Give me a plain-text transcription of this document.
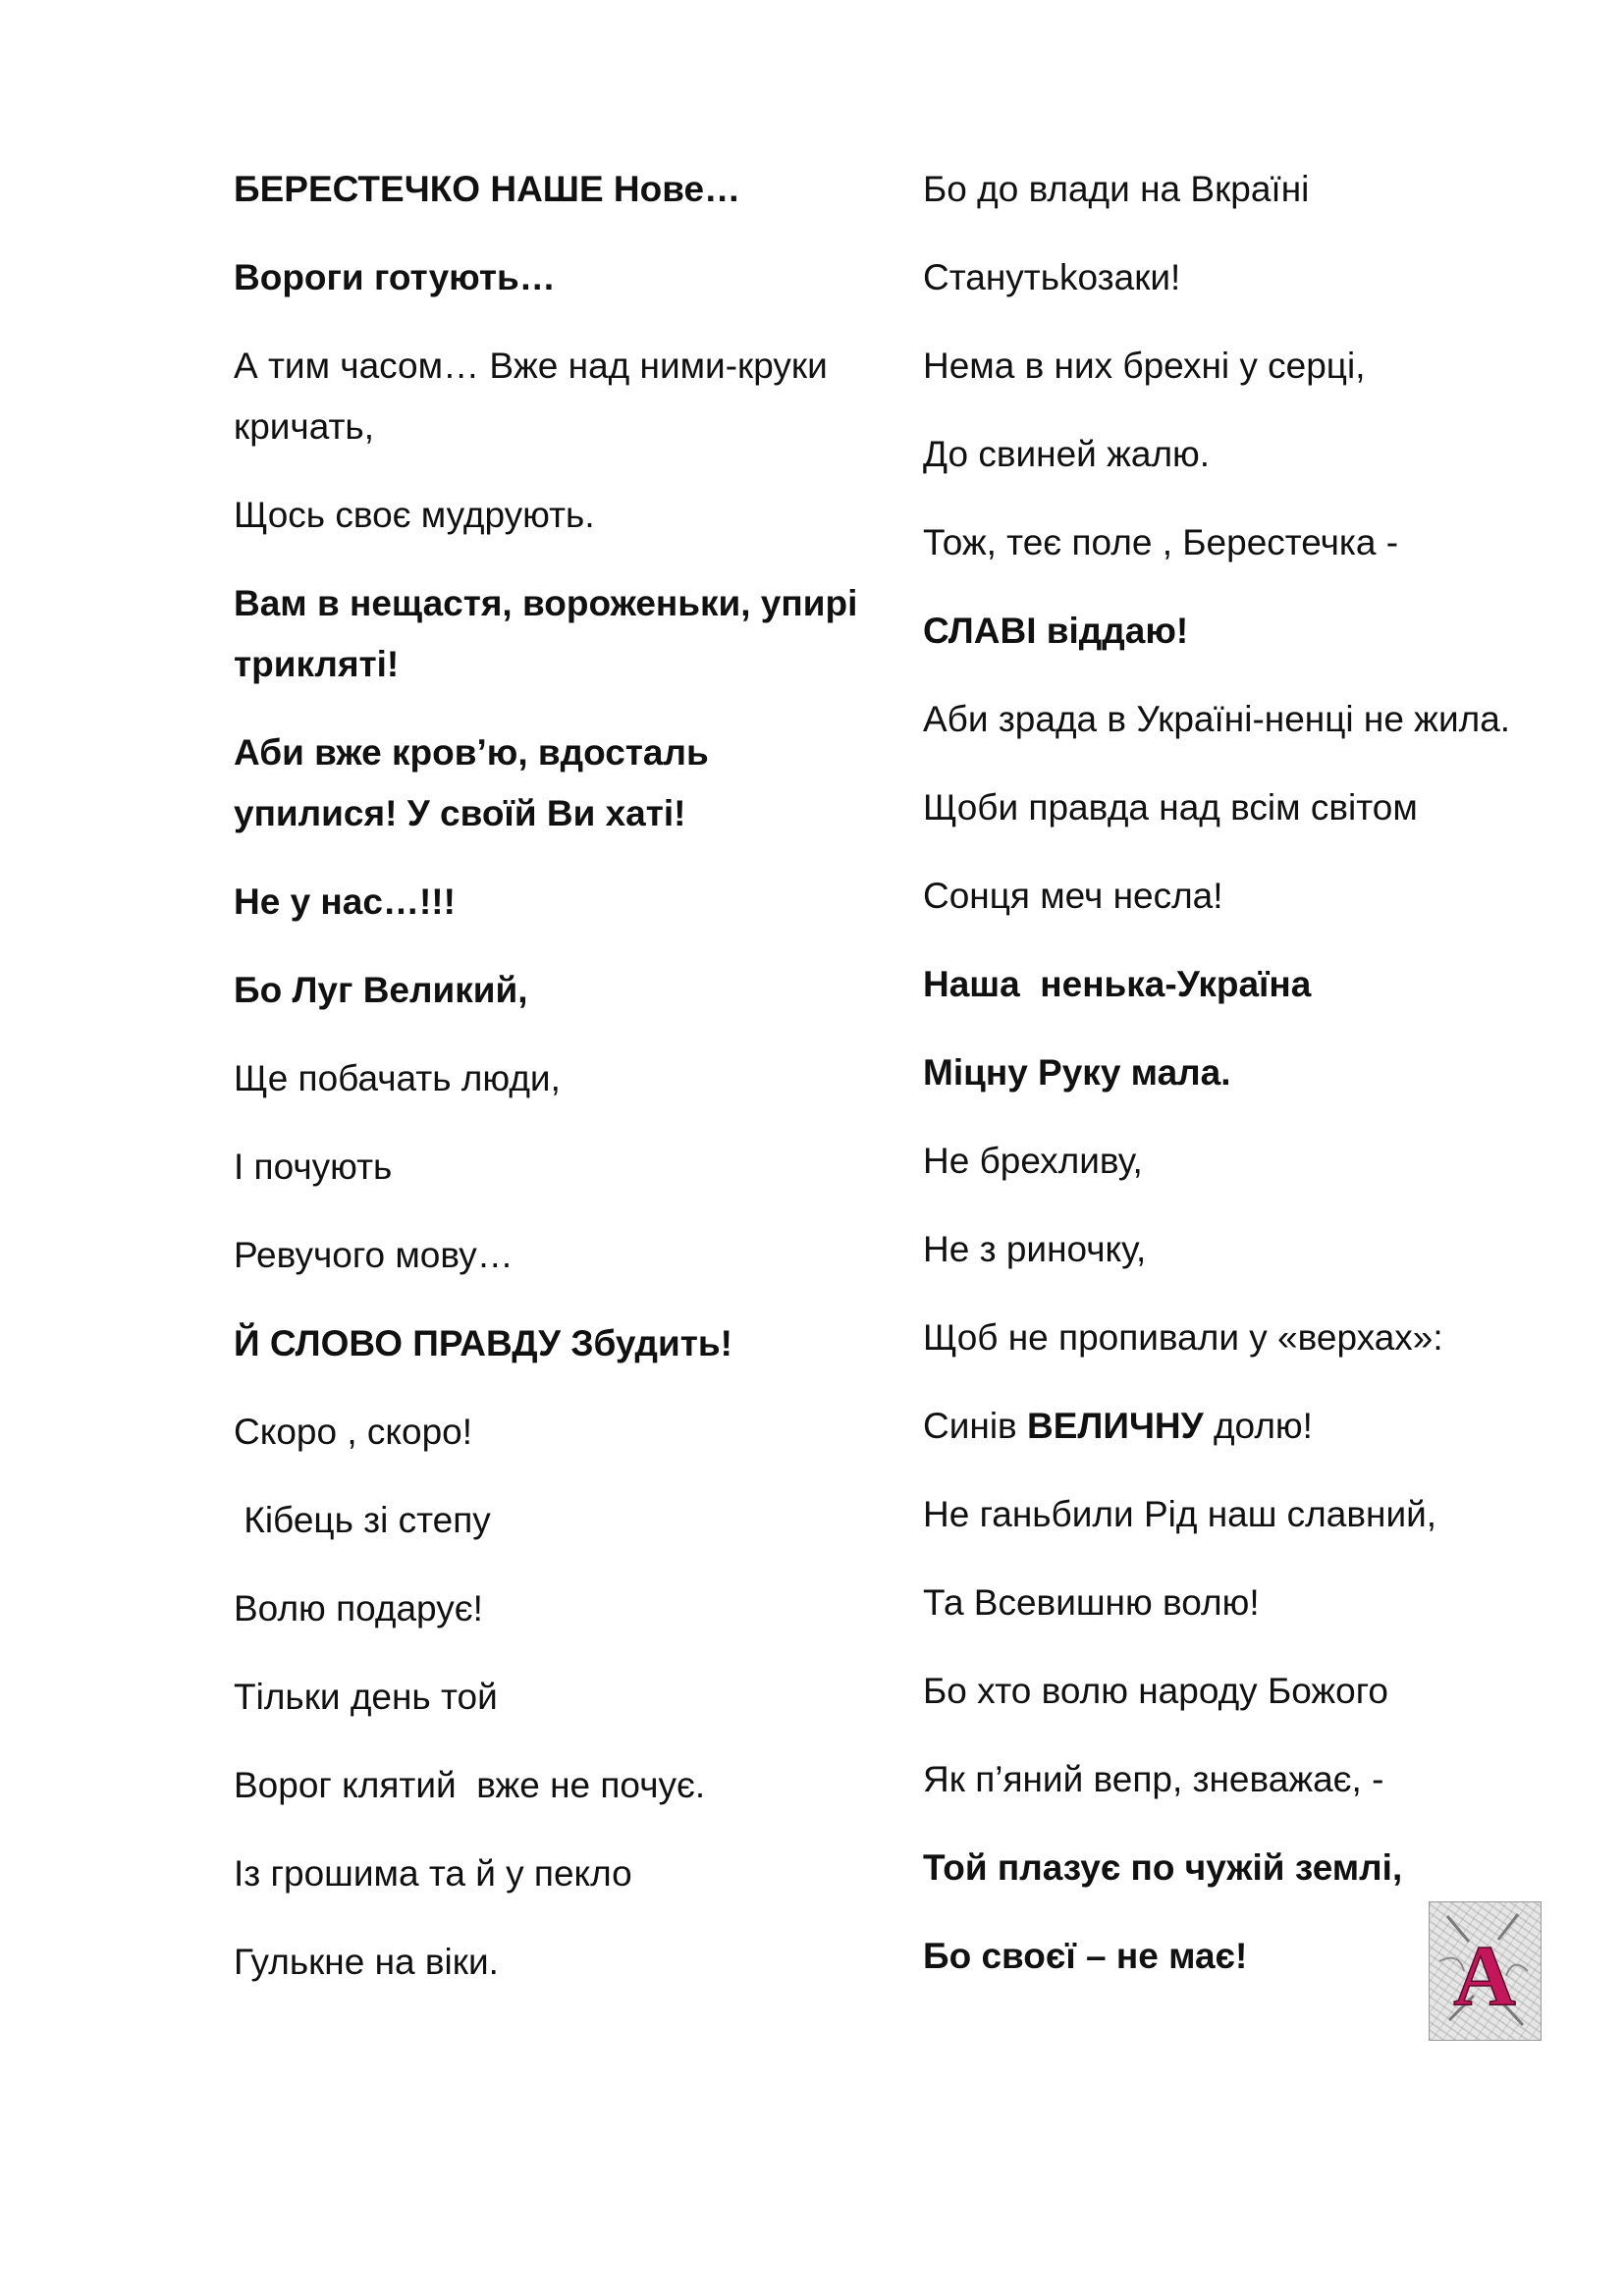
БЕРЕСТЕЧКО НАШЕ Нове…

Вороги готують…

А тим часом… Вже над ними-круки кричать,

Щось своє мудрують.

Вам в нещастя, вороженьки, упирі трикляті!

Аби вже кров’ю, вдосталь упилися! У своїй Ви хаті!

Не у нас…!!!

Бо Луг Великий,

Ще побачать люди,

І почують

Ревучого мову…

Й СЛОВО ПРАВДУ Збудить!

Скоро , скоро!

Кібець зі степу

Волю подарує!

Тільки день той

Ворог клятий  вже не почує.

Із грошима та й у пекло

Гулькне на віки.

Бо до влади на Вкраїні

Станутьkозаки!

Нема в них брехні у серці,

До свиней жалю.

Тож, теє поле , Берестечка -

СЛАВІ віддаю!

Аби зрада в Україні-ненці не жила.

Щоби правда над всім світом

Сонця меч несла!

Наша  ненька-Україна

Міцну Руку мала.

Не брехливу,

Не з риночку,

Щоб не пропивали у «верхах»:

Синів ВЕЛИЧНУ долю!

Не ганьбили Рід наш славний,

Та Всевишню волю!

Бо хто волю народу Божого

Як п’яний вепр, зневажає, -

Той плазує по чужій землі,

Бо своєї – не має!	A
